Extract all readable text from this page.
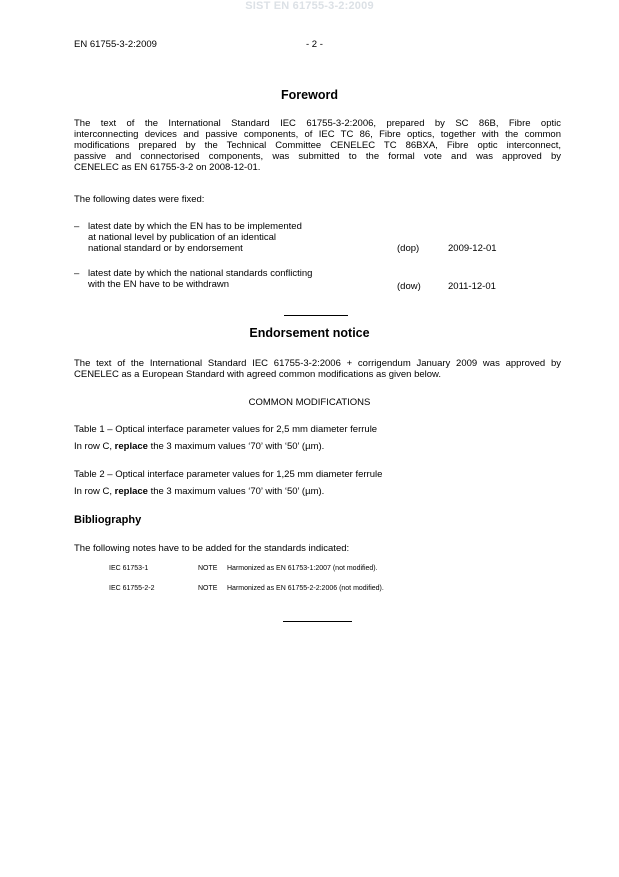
SIST EN 61755-3-2:2009
EN 61755-3-2:2009	- 2 -
Foreword
The text of the International Standard IEC 61755-3-2:2006, prepared by SC 86B, Fibre optic
interconnecting devices and passive components, of IEC TC 86, Fibre optics, together with the common
modifications prepared by the Technical Committee CENELEC TC 86BXA, Fibre optic interconnect,
passive and connectorised components, was submitted to the formal vote and was approved by
CENELEC as EN 61755-3-2 on 2008-12-01.
The following dates were fixed:
– latest date by which the EN has to be implemented
at national level by publication of an identical
national standard or by endorsement	(dop)	2009-12-01
– latest date by which the national standards conflicting
with the EN have to be withdrawn	(dow)	2011-12-01
Endorsement notice
The text of the International Standard IEC 61755-3-2:2006 + corrigendum January 2009 was approved by
CENELEC as a European Standard with agreed common modifications as given below.
COMMON MODIFICATIONS
Table 1 – Optical interface parameter values for 2,5 mm diameter ferrule
In row C, replace the 3 maximum values ‘70’ with ‘50’ (µm).
Table 2 – Optical interface parameter values for 1,25 mm diameter ferrule
In row C, replace the 3 maximum values ‘70’ with ‘50’ (µm).
Bibliography
The following notes have to be added for the standards indicated:
IEC 61753-1	NOTE Harmonized as EN 61753-1:2007 (not modified).
IEC 61755-2-2	NOTE Harmonized as EN 61755-2-2:2006 (not modified).
